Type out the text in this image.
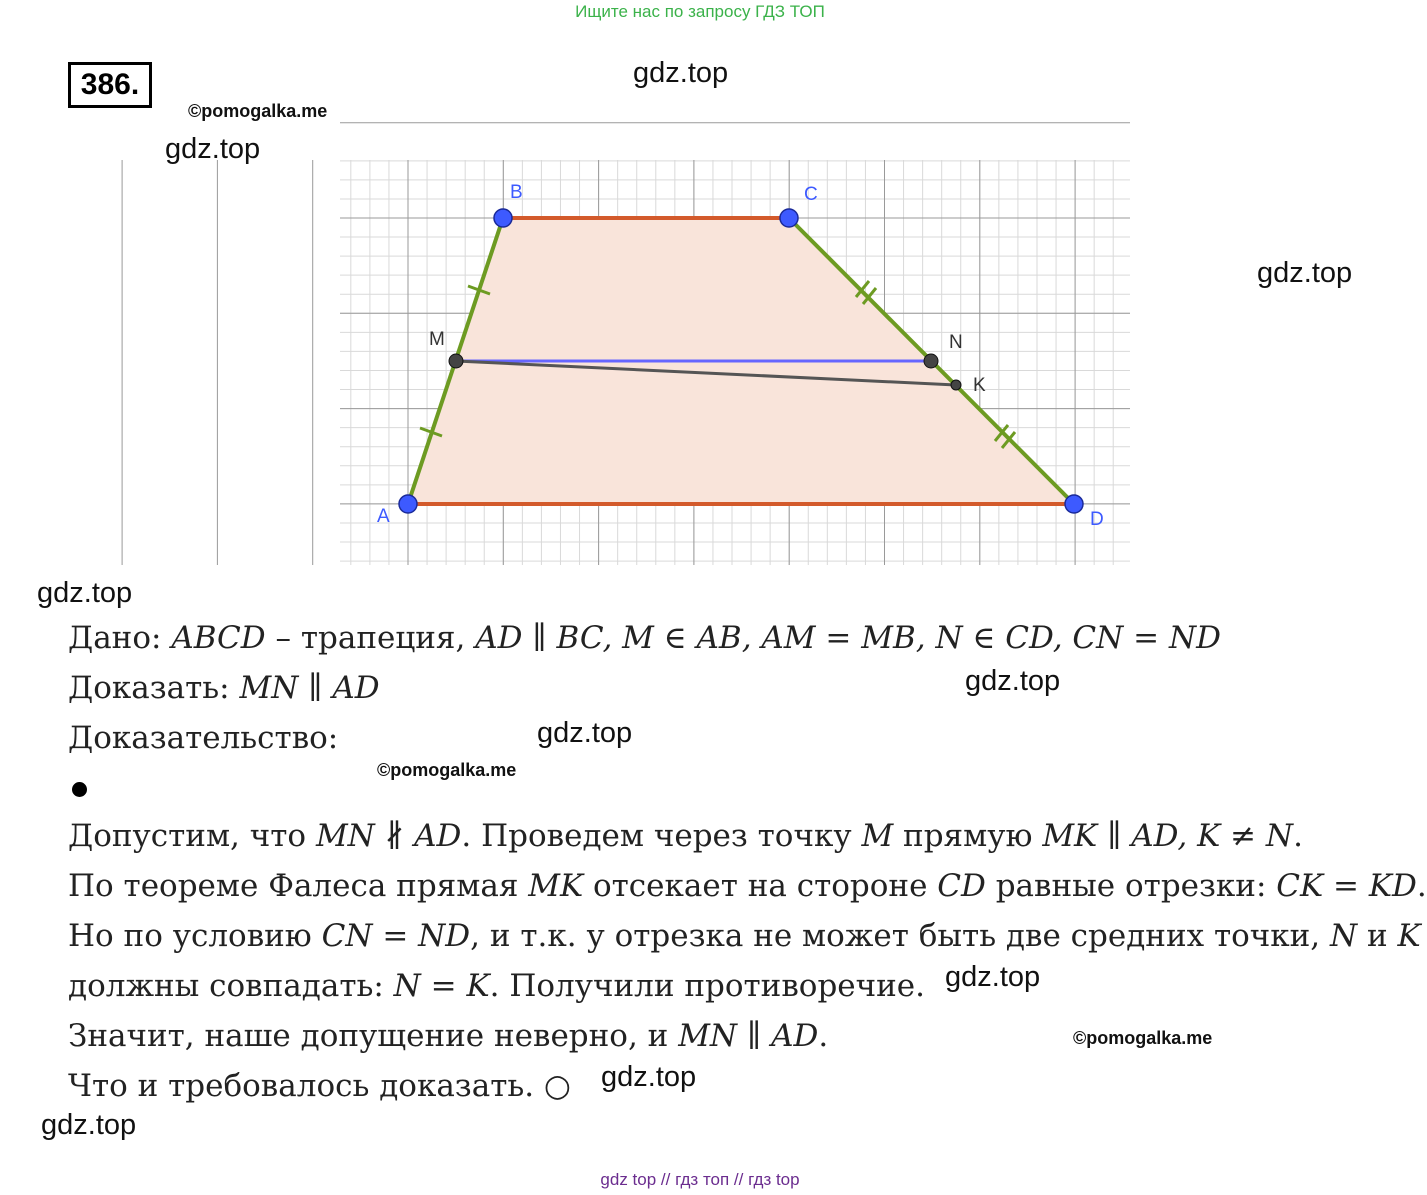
Ищите нас по запросу ГДЗ ТОП
386.	gdz.top
©pomogalka.me
gdz.top
gdz.top
gdz.top
gdz.top
gdz.top
©pomogalka.me
gdz.top
©pomogalka.me
gdz.top
gdz.top
A
B	C
D
M	N
K
Дано: ABCD – трапеция, AD ∥ BC, M ∈ AB, AM = MB, N ∈ CD, CN = ND
Доказать: MN ∥ AD
Доказательство:
Допустим, что MN ∦ AD. Проведем через точку M прямую MK ∥ AD, K ≠ N.
По теореме Фалеса прямая MK отсекает на стороне CD равные отрезки: CK = KD.
Но по условию CN = ND, и т.к. у отрезка не может быть две средних точки, N и K
должны совпадать: N = K. Получили противоречие.
Значит, наше допущение неверно, и MN ∥ AD.
Что и требовалось доказать. ○
gdz top // гдз топ // гдз top
